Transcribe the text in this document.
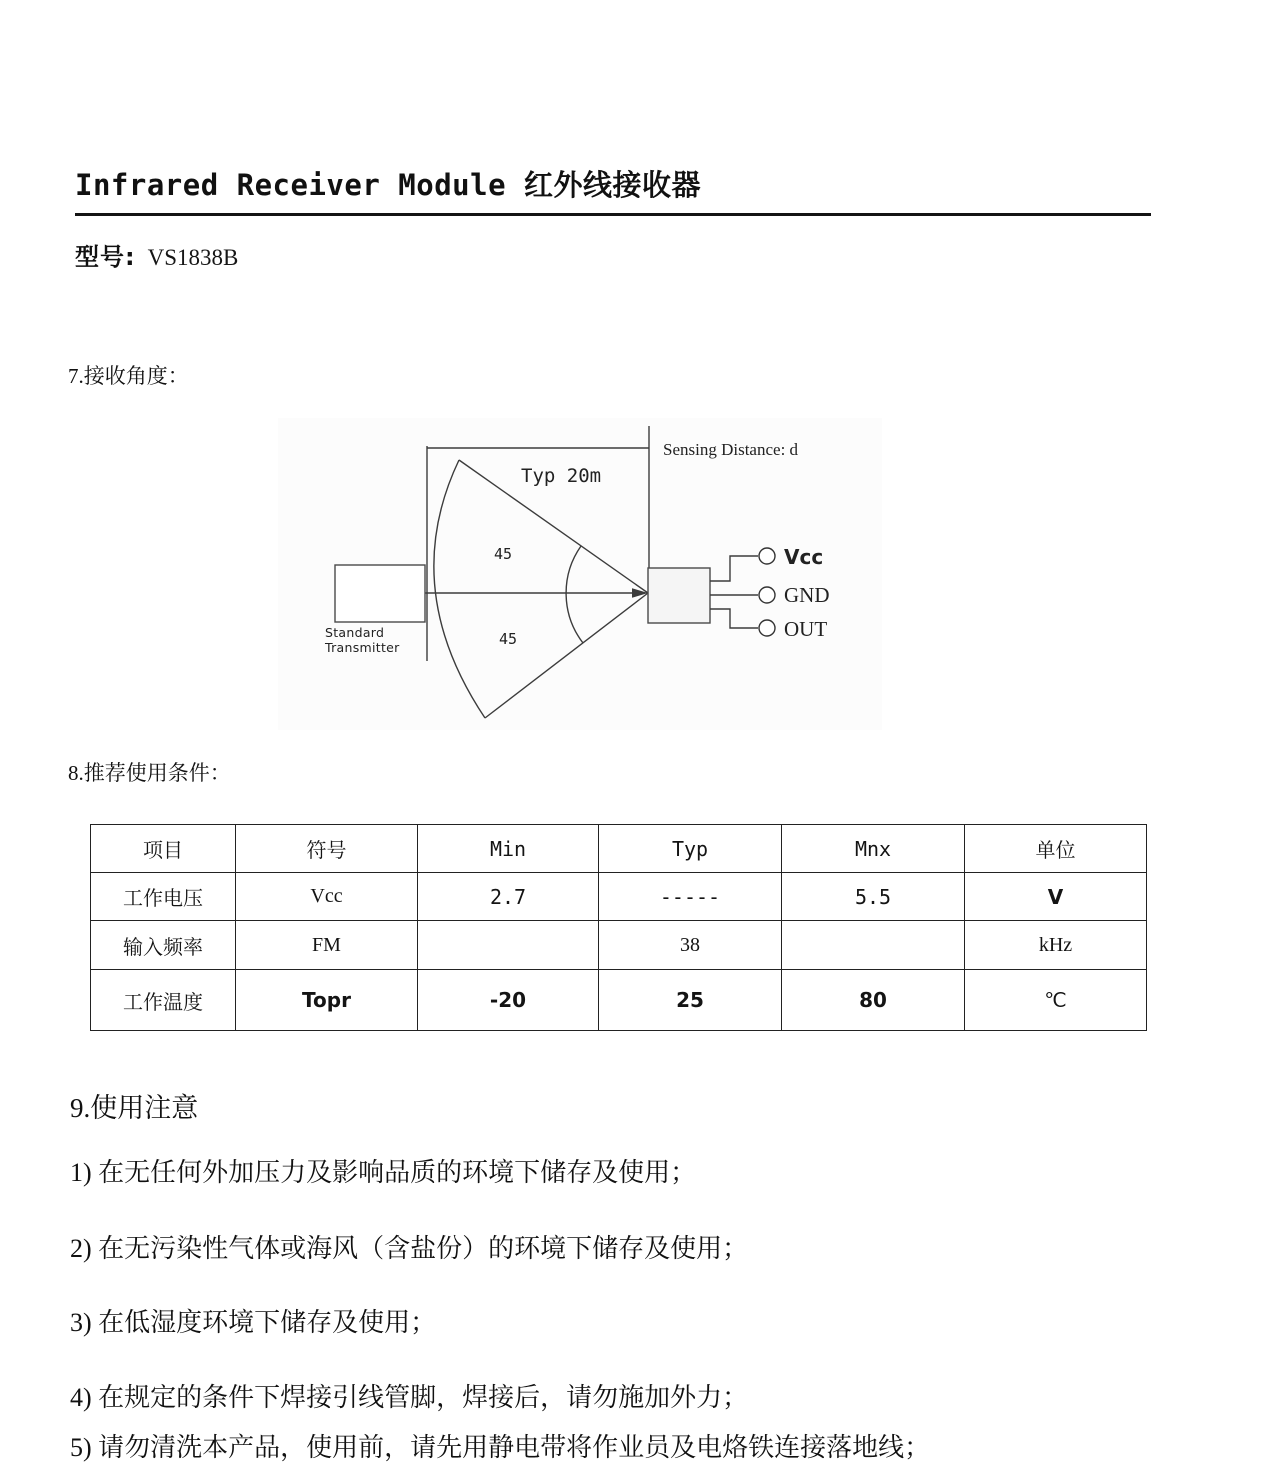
Infrared Receiver Module 红外线接收器
型号: VS1838B
7.接收角度：
Sensing Distance: d
Typ 20m
45
45
Standard
Transmitter
Vcc
GND
OUT
8.推荐使用条件：
项目	符号	Min	Typ	Mnx	单位
工作电压	Vcc	2.7	-----	5.5	V
输入频率	FM		38		kHz
工作温度	Topr	-20	25	80	℃
9.使用注意
1) 在无任何外加压力及影响品质的环境下储存及使用；
2) 在无污染性气体或海风（含盐份）的环境下储存及使用；
3) 在低湿度环境下储存及使用；
4) 在规定的条件下焊接引线管脚，焊接后，请勿施加外力；
5) 请勿清洗本产品，使用前，请先用静电带将作业员及电烙铁连接落地线；
